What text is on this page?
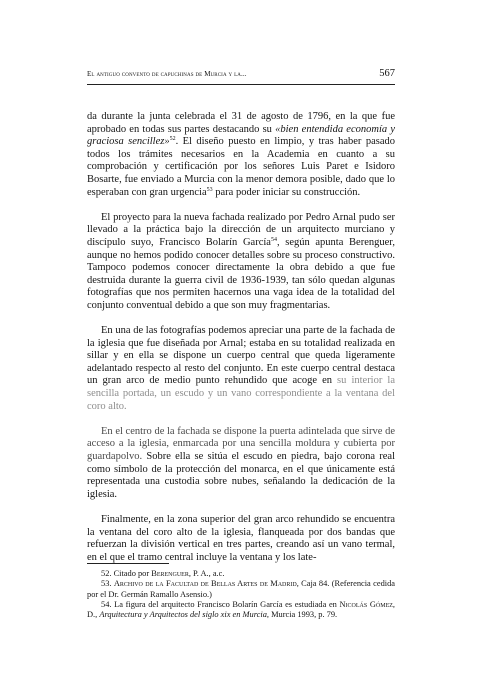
El antiguo convento de capuchinas de Murcia y la...	567

da durante la junta celebrada el 31 de agosto de 1796, en la que fue aprobado en todas sus partes destacando su «bien entendida economía y graciosa sencillez»$^{52}$. El diseño puesto en limpio, y tras haber pasado todos los trámites necesarios en la Academia en cuanto a su comprobación y certificación por los señores Luis Paret e Isidoro Bosarte, fue enviado a Murcia con la menor demora posible, dado que lo esperaban con gran urgencia$^{53}$ para poder iniciar su construcción.

El proyecto para la nueva fachada realizado por Pedro Arnal pudo ser llevado a la práctica bajo la dirección de un arquitecto murciano y discípulo suyo, Francisco Bolarín García$^{54}$, según apunta Berenguer, aunque no hemos podido conocer detalles sobre su proceso constructivo. Tampoco podemos conocer directamente la obra debido a que fue destruida durante la guerra civil de 1936-1939, tan sólo quedan algunas fotografías que nos permiten hacernos una vaga idea de la totalidad del conjunto conventual debido a que son muy fragmentarias.

En una de las fotografías podemos apreciar una parte de la fachada de la iglesia que fue diseñada por Arnal; estaba en su totalidad realizada en sillar y en ella se dispone un cuerpo central que queda ligeramente adelantado respecto al resto del conjunto. En este cuerpo central destaca un gran arco de medio punto rehundido que acoge en su interior la sencilla portada, un escudo y un vano correspondiente a la ventana del coro alto.

En el centro de la fachada se dispone la puerta adintelada que sirve de acceso a la iglesia, enmarcada por una sencilla moldura y cubierta por guardapolvo. Sobre ella se sitúa el escudo en piedra, bajo corona real como símbolo de la protección del monarca, en el que únicamente está representada una custodia sobre nubes, señalando la dedicación de la iglesia.

Finalmente, en la zona superior del gran arco rehundido se encuentra la ventana del coro alto de la iglesia, flanqueada por dos bandas que refuerzan la división vertical en tres partes, creando así un vano termal, en el que el tramo central incluye la ventana y los late-

52. Citado por Berenguer, P. A., a.c.

53. Archivo de la Facultad de Bellas Artes de Madrid, Caja 84. (Referencia cedida por el Dr. Germán Ramallo Asensio.)

54. La figura del arquitecto Francisco Bolarín García es estudiada en Nicolás Gómez, D., Arquitectura y Arquitectos del siglo xix en Murcia, Murcia 1993, p. 79.
